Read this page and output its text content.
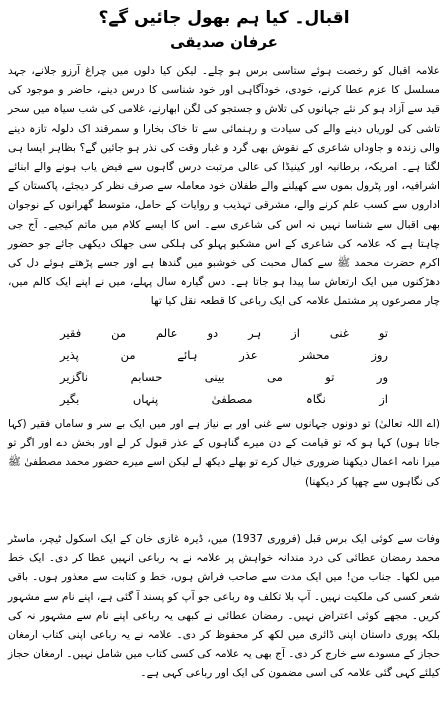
اقبال۔ کیا ہم بھول جائیں گے؟
عرفان صدیقی

علامہ اقبال کو رخصت ہوئے ستاسی برس ہو چلے۔ لیکن کیا دلوں میں چراغ آرزو جلانے، جہد مسلسل کا عزم عطا کرنے، خودی، خودآگاہی اور خود شناسی کا درس دینے، حاضر و موجود کی قید سے آزاد ہو کر نئے جہانوں کی تلاش و جستجو کی لگن ابھارنے، غلامی کی شب سیاہ میں سحر تاشی کی لوریاں دینے والے کی سیادت و رہنمائی سے تا خاک بخارا و سمرقند اک دلولہ تازہ دینے والی زندہ و جاوداں شاعری کے نقوش بھی گرد و غبار وقت کی نذر ہو جائیں گے؟ بظاہر ایسا ہی لگتا ہے۔ امریکہ، برطانیہ اور کینیڈا کی عالی مرتبت درس گاہوں سے فیض یاب ہونے والے ابنائے اشرافیہ، اور پٹرول بموں سے کھیلنے والے طفلان خود معاملہ سے صرف نظر کر دیجئے، پاکستان کے اداروں سے کسب علم کرنے والے، مشرقی تہذیب و روایات کے حامل، متوسط گھرانوں کے نوجوان بھی اقبال سے شناسا نہیں نہ اس کی شاعری سے۔ اس کا ایسے کلام میں ماتم کیجیے۔ آج جی چاہتا ہے کہ علامہ کی شاعری کے اس مشکبو پہلو کی ہلکی سی جھلک دیکھی جائے جو حضور اکرم حضرت محمد ﷺ سے کمال محبت کی خوشبو میں گندھا ہے اور جسے پڑھتے ہوئے دل کی دھڑکنوں میں ایک ارتعاش سا پیدا ہو جاتا ہے۔ دس گیارہ سال پہلے، میں نے اپنے ایک کالم میں، چار مصرعوں پر مشتمل علامہ کی ایک رباعی کا قطعہ نقل کیا تھا

تو
غنی
از
ہر
دو
عالم
من
فقیر
روز
محشر
عذر
ہائے
من
پذیر
ور
تو
می
بینی
حسابم
ناگزیر
از
نگاہ
مصطفیٰ
پنہاں
بگیر

(اے اللہ تعالیٰ) تو دونوں جہانوں سے غنی اور بے نیاز ہے اور میں ایک بے سر و ساماں فقیر (کہا جاتا ہوں) کہا ہو کہ تو قیامت کے دن میرے گناہوں کے عذر قبول کر لے اور بخش دے اور اگر تو میرا نامہ اعمال دیکھنا ضروری خیال کرے تو بھلے دیکھ لے لیکن اسے میرے حضور محمد مصطفیٰ ﷺ کی نگاہوں سے چھپا کر دیکھنا)

وفات سے کوئی ایک برس قبل (فروری 1937) میں، ڈیرہ غازی خان کے ایک اسکول ٹیچر، ماسٹر محمد رمضان عطائی کی درد مندانہ خواہش پر علامہ نے یہ رباعی انہیں عطا کر دی۔ ایک خط میں لکھا۔ جناب من! میں ایک مدت سے صاحب فراش ہوں، خط و کتابت سے معذور ہوں۔ باقی شعر کسی کی ملکیت نہیں۔ آپ بلا تکلف وہ رباعی جو آپ کو پسند آ گئی ہے، اپنے نام سے مشہور کریں۔ مجھے کوئی اعتراض نہیں۔ رمضان عطائی نے کبھی یہ رباعی اپنے نام سے مشہور نہ کی بلکہ پوری داستان اپنی ڈائری میں لکھ کر محفوظ کر دی۔ علامہ نے یہ رباعی اپنی کتاب ارمغان حجاز کے مسودے سے خارج کر دی۔ آج بھی یہ علامہ کی کسی کتاب میں شامل نہیں۔ ارمغان حجاز کیلئے کہی گئی علامہ کی اسی مضمون کی ایک اور رباعی کہی ہے۔
